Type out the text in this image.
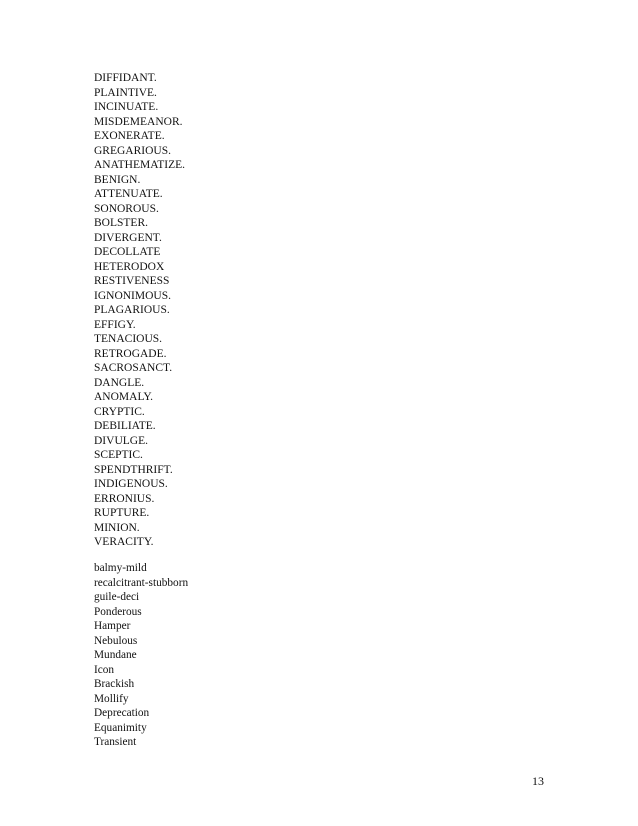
DIFFIDANT.
PLAINTIVE.
INCINUATE.
MISDEMEANOR.
EXONERATE.
GREGARIOUS.
ANATHEMATIZE.
BENIGN.
ATTENUATE.
SONOROUS.
BOLSTER.
DIVERGENT.
DECOLLATE
HETERODOX
RESTIVENESS
IGNONIMOUS.
PLAGARIOUS.
EFFIGY.
TENACIOUS.
RETROGADE.
SACROSANCT.
DANGLE.
ANOMALY.
CRYPTIC.
DEBILIATE.
DIVULGE.
SCEPTIC.
SPENDTHRIFT.
INDIGENOUS.
ERRONIUS.
RUPTURE.
MINION.
VERACITY.
balmy-mild
recalcitrant-stubborn
guile-deci
Ponderous
Hamper
Nebulous
Mundane
Icon
Brackish
Mollify
Deprecation
Equanimity
Transient
13
